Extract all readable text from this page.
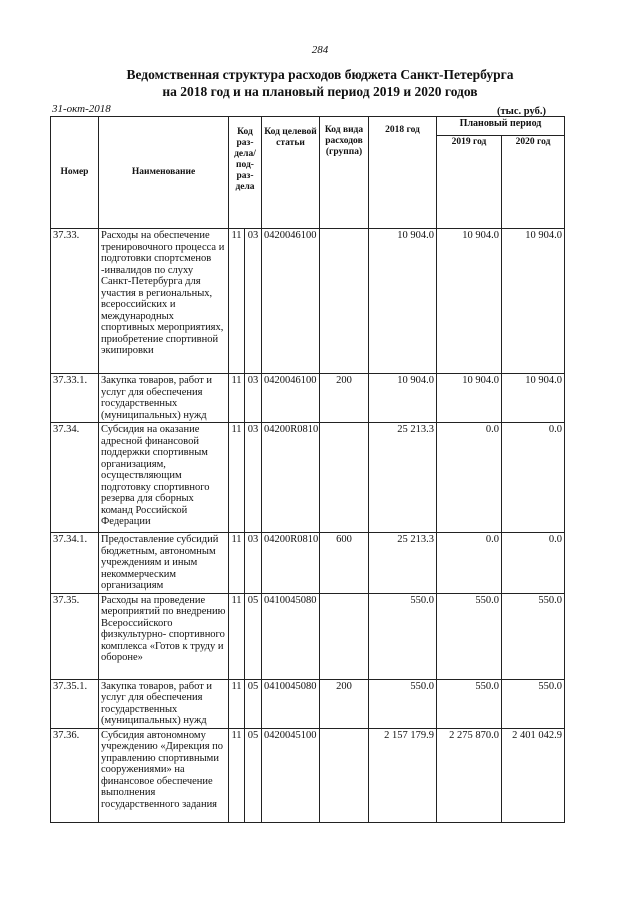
284
Ведомственная структура расходов бюджета Санкт-Петербурга
на 2018 год и на плановый период 2019 и 2020 годов
31-окт-2018	(тыс. руб.)
Номер	Наименование	Код раз- дела/ под- раз- дела		Код целевой статьи	Код вида расходов (группа)	2018 год	Плановый период	
							2019 год	2020 год
37.33.	Расходы на обеспечение тренировочного процесса и подготовки спортсменов -инвалидов по слуху Санкт-Петербурга для участия в региональных, всероссийских и международных спортивных мероприятиях, приобретение спортивной экипировки	11	03	0420046100		10 904.0	10 904.0	10 904.0
37.33.1.	Закупка товаров, работ и услуг для обеспечения государственных (муниципальных) нужд	11	03	0420046100	200	10 904.0	10 904.0	10 904.0
37.34.	Субсидия на оказание адресной финансовой поддержки спортивным организациям, осуществляющим подготовку спортивного резерва для сборных команд Российской Федерации	11	03	04200R0810		25 213.3	0.0	0.0
37.34.1.	Предоставление субсидий бюджетным, автономным учреждениям и иным некоммерческим организациям	11	03	04200R0810	600	25 213.3	0.0	0.0
37.35.	Расходы на проведение мероприятий по внедрению Всероссийского физкультурно- спортивного комплекса «Готов к труду и обороне»	11	05	0410045080		550.0	550.0	550.0
37.35.1.	Закупка товаров, работ и услуг для обеспечения государственных (муниципальных) нужд	11	05	0410045080	200	550.0	550.0	550.0
37.36.	Субсидия автономному учреждению «Дирекция по управлению спортивными сооружениями» на финансовое обеспечение выполнения государственного задания	11	05	0420045100		2 157 179.9	2 275 870.0	2 401 042.9
